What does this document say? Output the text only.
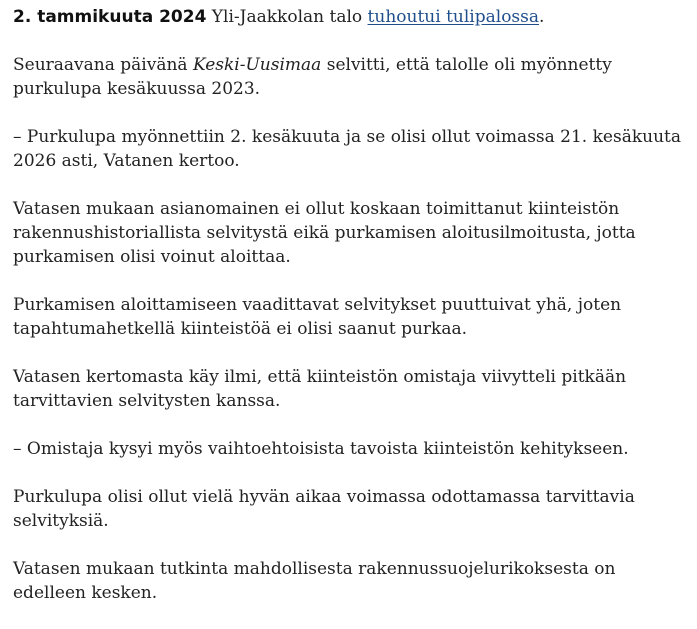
2. tammikuuta 2024 Yli-Jaakkolan talo tuhoutui tulipalossa.

Seuraavana päivänä Keski-Uusimaa selvitti, että talolle oli myönnetty purkulupa kesäkuussa 2023.

– Purkulupa myönnettiin 2. kesäkuuta ja se olisi ollut voimassa 21. kesäkuuta 2026 asti, Vatanen kertoo.

Vatasen mukaan asianomainen ei ollut koskaan toimittanut kiinteistön rakennushistoriallista selvitystä eikä purkamisen aloitusilmoitusta, jotta purkamisen olisi voinut aloittaa.

Purkamisen aloittamiseen vaadittavat selvitykset puuttuivat yhä, joten tapahtumahetkellä kiinteistöä ei olisi saanut purkaa.

Vatasen kertomasta käy ilmi, että kiinteistön omistaja viivytteli pitkään tarvittavien selvitysten kanssa.

– Omistaja kysyi myös vaihtoehtoisista tavoista kiinteistön kehitykseen.

Purkulupa olisi ollut vielä hyvän aikaa voimassa odottamassa tarvittavia selvityksiä.

Vatasen mukaan tutkinta mahdollisesta rakennussuojelurikoksesta on edelleen kesken.
